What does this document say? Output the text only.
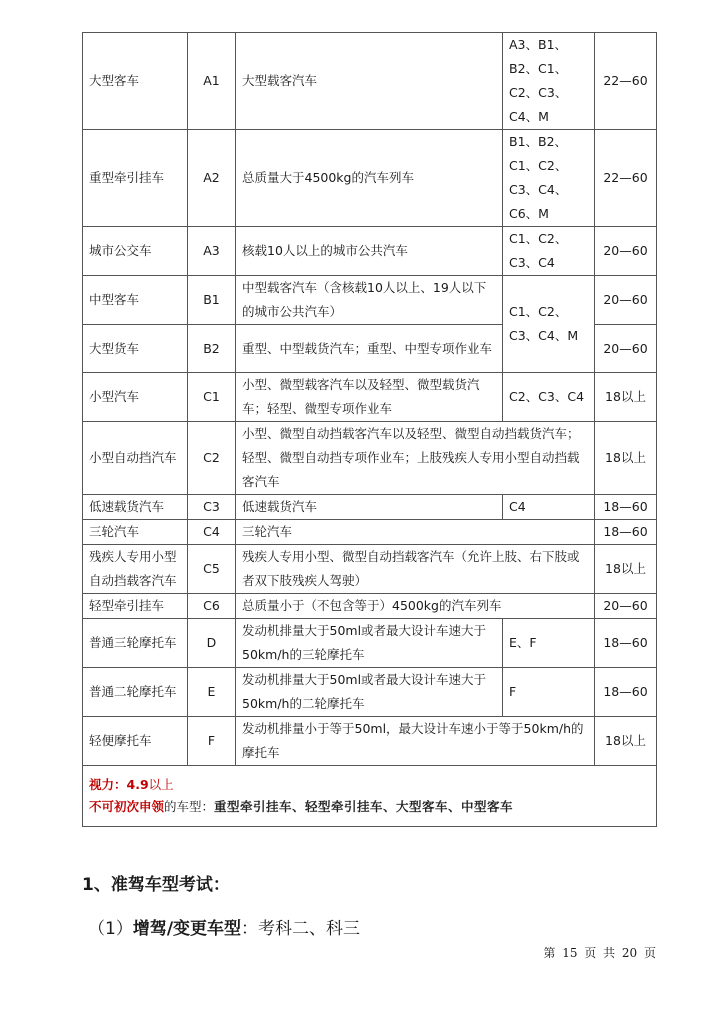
大型客车	A1	大型载客汽车	A3、B1、B2、C1、C2、C3、C4、M	22—60
重型牵引挂车	A2	总质量大于4500kg的汽车列车	B1、B2、C1、C2、C3、C4、C6、M	22—60
城市公交车	A3	核载10人以上的城市公共汽车	C1、C2、C3、C4	20—60
中型客车	B1	中型载客汽车（含核载10人以上、19人以下的城市公共汽车）	C1、C2、C3、C4、M	20—60
大型货车	B2	重型、中型载货汽车；重型、中型专项作业车		20—60
小型汽车	C1	小型、微型载客汽车以及轻型、微型载货汽车；轻型、微型专项作业车	C2、C3、C4	18以上
小型自动挡汽车	C2	小型、微型自动挡载客汽车以及轻型、微型自动挡载货汽车；轻型、微型自动挡专项作业车；上肢残疾人专用小型自动挡载客汽车		18以上
低速载货汽车	C3	低速载货汽车	C4	18—60
三轮汽车	C4	三轮汽车		18—60
残疾人专用小型自动挡载客汽车	C5	残疾人专用小型、微型自动挡载客汽车（允许上肢、右下肢或者双下肢残疾人驾驶）		18以上
轻型牵引挂车	C6	总质量小于（不包含等于）4500kg的汽车列车		20—60
普通三轮摩托车	D	发动机排量大于50ml或者最大设计车速大于50km/h的三轮摩托车	E、F	18—60
普通二轮摩托车	E	发动机排量大于50ml或者最大设计车速大于50km/h的二轮摩托车	F	18—60
轻便摩托车	F	发动机排量小于等于50ml，最大设计车速小于等于50km/h的摩托车		18以上

视力：4.9以上
不可初次申领的车型：重型牵引挂车、轻型牵引挂车、大型客车、中型客车				
1、准驾车型考试：

（1）增驾/变更车型：考科二、科三

第 15 页 共 20 页
